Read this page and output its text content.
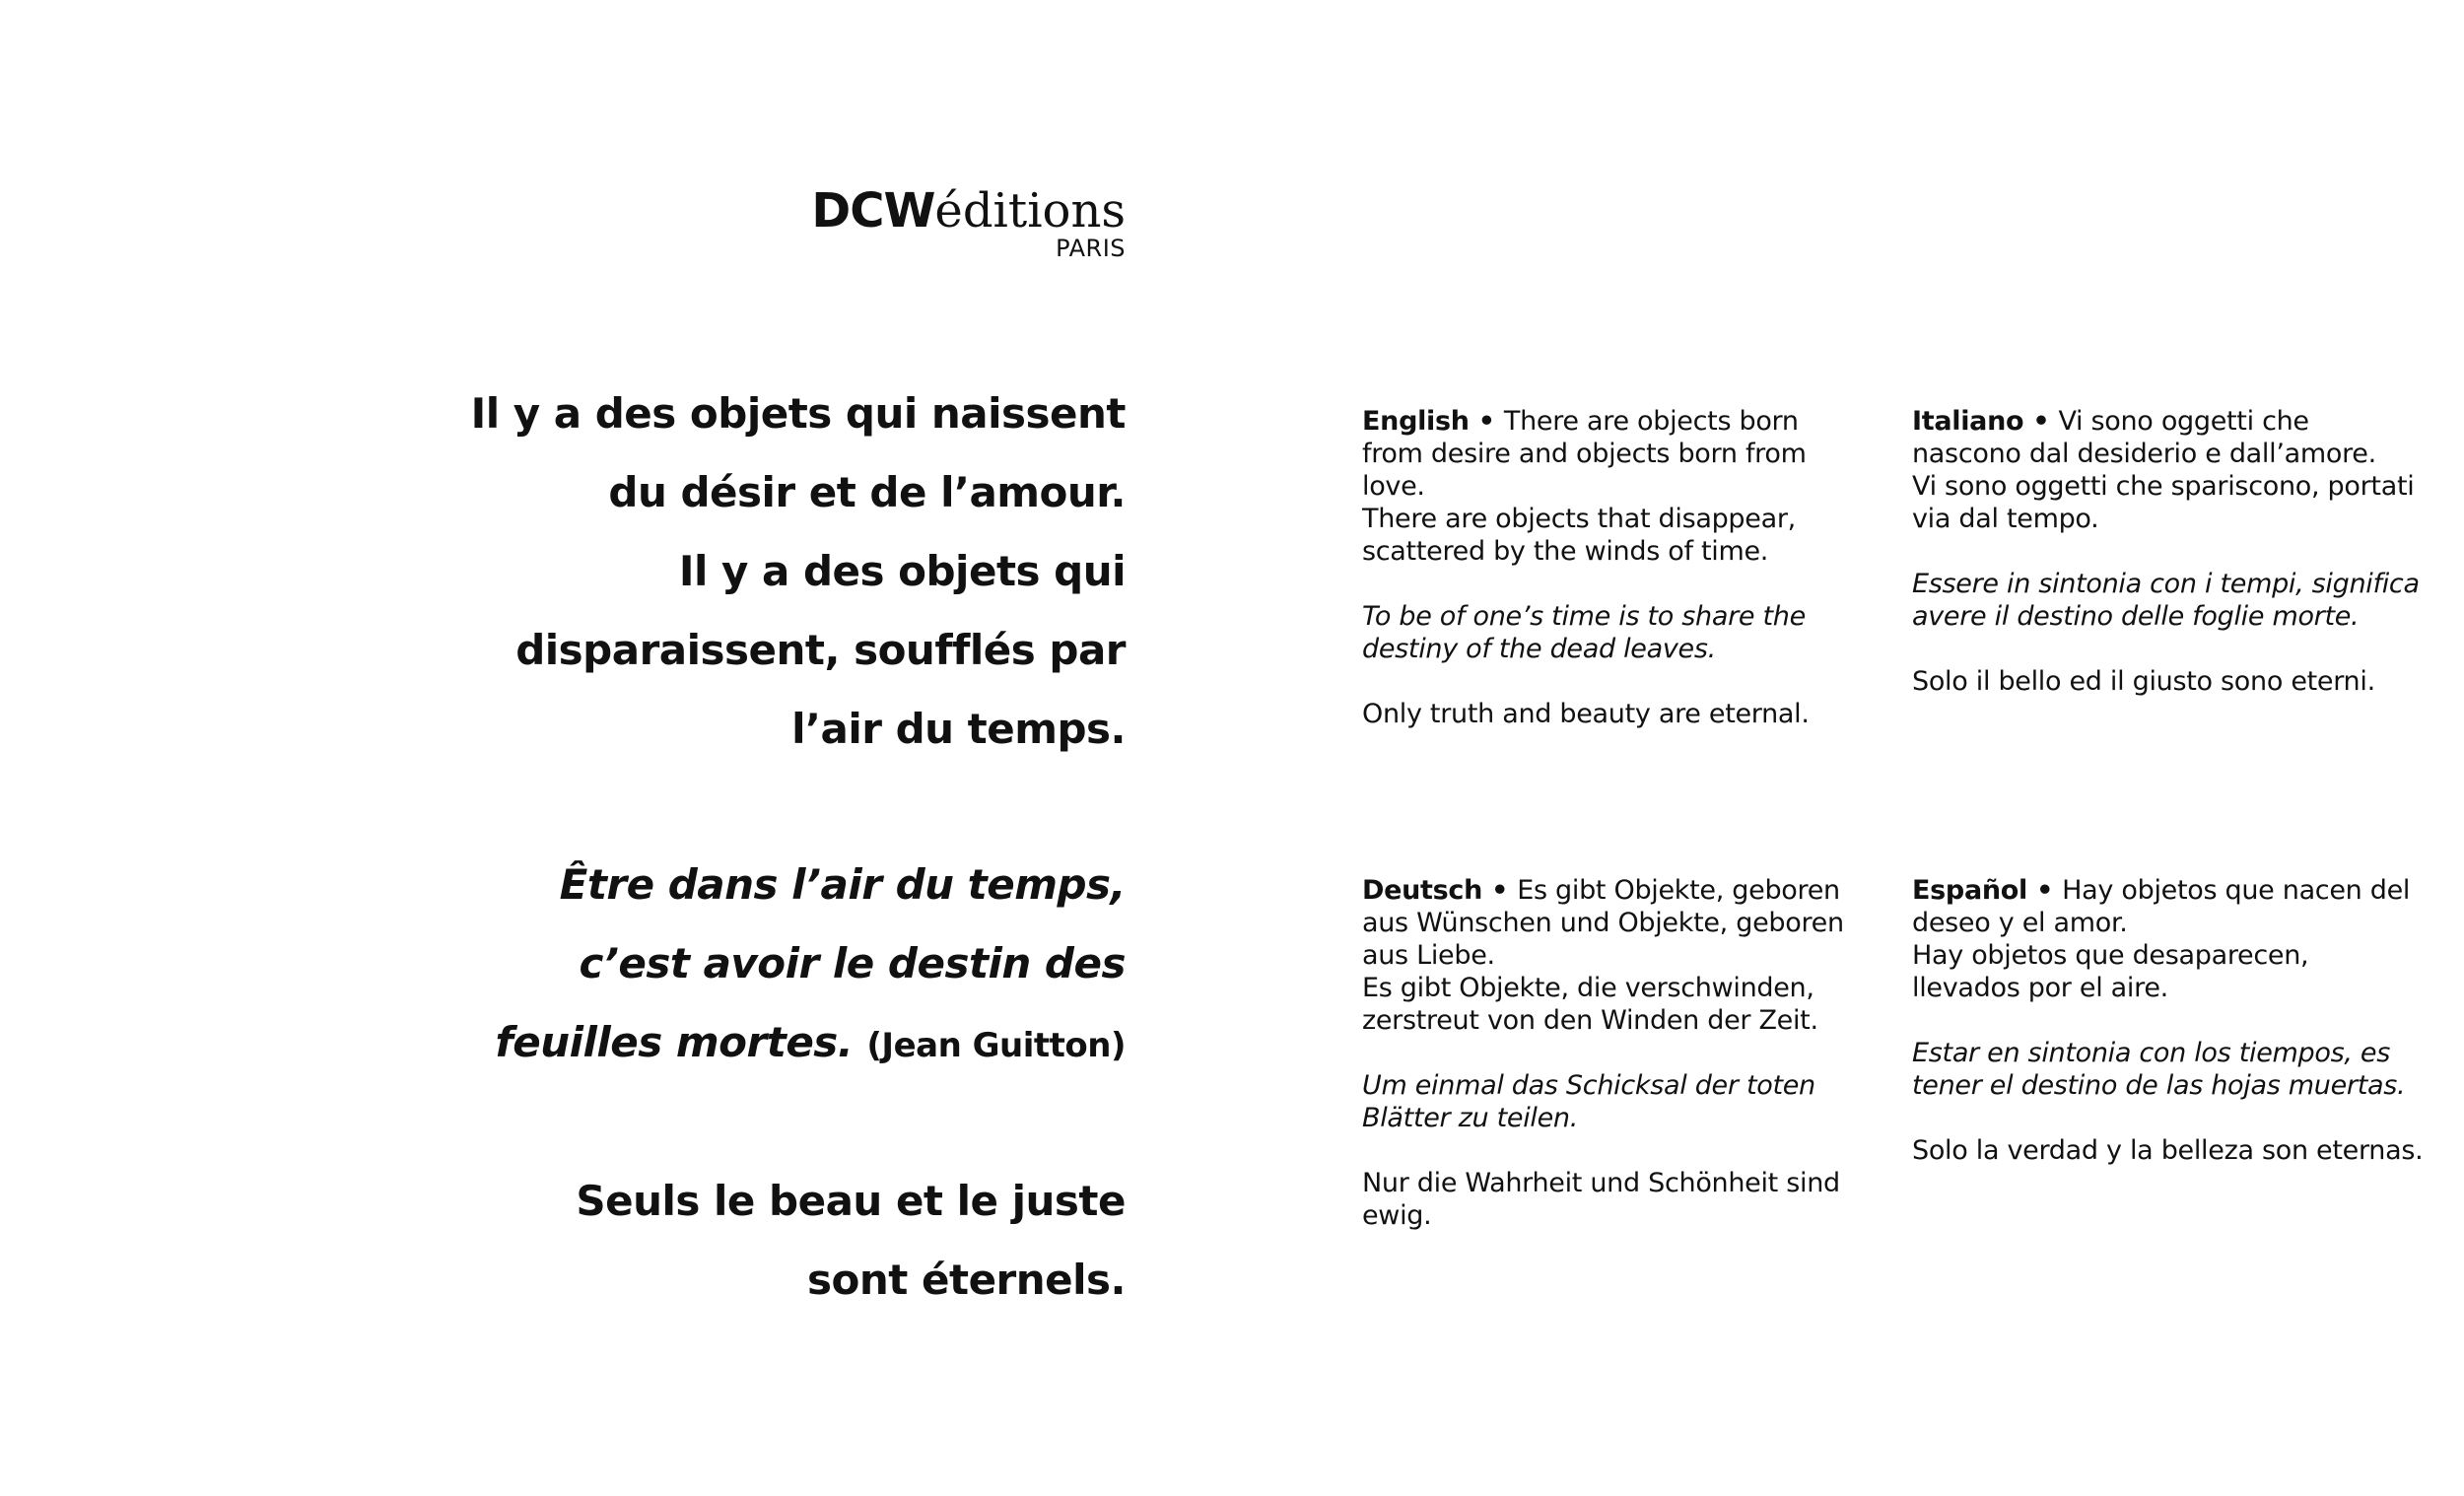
DCWéditions
PARIS

Il y a des objets qui naissent

du désir et de l’amour.

Il y a des objets qui

disparaissent, soufflés par

l’air du temps.

Être dans l’air du temps,

c’est avoir le destin des

feuilles mortes. (Jean Guitton)

Seuls le beau et le juste

sont éternels.

English • There are objects born from desire and objects born from love.
There are objects that disappear, scattered by the winds of time.

To be of one’s time is to share the destiny of the dead leaves.

Only truth and beauty are eternal.

Italiano • Vi sono oggetti che nascono dal desiderio e dall’amore.
Vi sono oggetti che spariscono, portati via dal tempo.

Essere in sintonia con i tempi, significa avere il destino delle foglie morte.

Solo il bello ed il giusto sono eterni.

Deutsch • Es gibt Objekte, geboren aus Wünschen und Objekte, geboren aus Liebe.
Es gibt Objekte, die verschwinden, zerstreut von den Winden der Zeit.

Um einmal das Schicksal der toten Blätter zu teilen.

Nur die Wahrheit und Schönheit sind ewig.

Español • Hay objetos que nacen del deseo y el amor.
Hay objetos que desaparecen, llevados por el aire.

Estar en sintonia con los tiempos, es tener el destino de las hojas muertas.

Solo la verdad y la belleza son eternas.
